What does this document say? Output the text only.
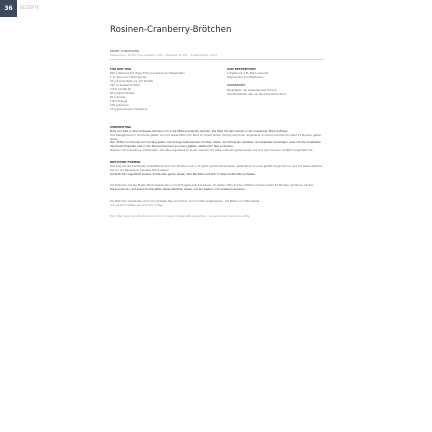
36 REZEPTE
Rosinen-Cranberry-Brötchen
ERGIBT 12 BRÖTCHEN
Zubereitung: 30 Min. plus Gehzeit: 2 Std. · Backzeit: 20 Min. · Schwierigkeit: leicht
FÜR DEN TEIG
500 g Weizenmehl (Type 550) plus etwas zum Bearbeiten
1 TL Salz und 1 Prise Zucker
30 g frische Hefe (ca. 3/4 Würfel)
250 ml lauwarme Milch
2 Eier (Größe M)
60 g weiche Butter
50 g Zucker
1 Bio-Orange
100 g Rosinen
75 g getrocknete Cranberrys
ZUM BESTREICHEN
1 Eigelb mit 2 EL Milch verquirlt
Hagelzucker zum Bestreuen

AUSSERDEM
Backpapier, ein sauberes Geschirrtuch
Frischhaltefolie oder ein feuchtes Küchentuch
ZUBEREITUNG

Mehl und Salz in einer Schüssel mischen und in die Mitte eine Mulde drücken. Die Hefe mit dem Zucker in der lauwarmen Milch auflösen.

Das Hefegemisch in die Mulde gießen und mit etwas Mehl vom Rand zu einem dicken Vorteig verrühren. Zugedeckt an einem warmen Ort etwa 15 Minuten gehen lassen.

Eier, Butter und Zucker zum Vorteig geben. Die Orange heiß waschen, trocken reiben, die Schale fein abreiben und ebenfalls hinzufügen. Alles mit den Knethaken des Handrührgeräts oder in der Küchenmaschine zu einem glatten, elastischen Teig verkneten.

Rosinen und Cranberrys unterkneten. Den Teig zugedeckt an einem warmen Ort etwa 1 Stunde gehen lassen, bis sich sein Volumen sichtbar vergrößert hat.

BRÖTCHEN FORMEN

Den Teig auf der bemehlten Arbeitsfläche kurz durchkneten und in 12 gleich große Stücke teilen. Jedes Stück zu einer glatten Kugel formen und mit etwas Abstand auf ein mit Backpapier belegtes Blech setzen.

Die Brötchen zugedeckt weitere 30 Minuten gehen lassen. Den Backofen auf 200 °C Ober-/Unterhitze vorheizen.

Die Brötchen mit der Eigelb-Milch bestreichen und mit Hagelzucker bestreuen. Im heißen Ofen auf der mittleren Schiene etwa 20 Minuten goldbraun backen.

Herausnehmen, auf einem Kuchengitter etwas abkühlen lassen und am besten noch lauwarm servieren.

Die Brötchen schmecken auch am nächsten Tag noch frisch, kurz im Ofen aufgebacken, mit Butter und Marmelade.

Gut verpackt halten sie sich 2 bis 3 Tage.

Tipp: Wer mag, kann die Rosinen vorher in etwas Orangensaft einweichen – so werden sie besonders saftig.
